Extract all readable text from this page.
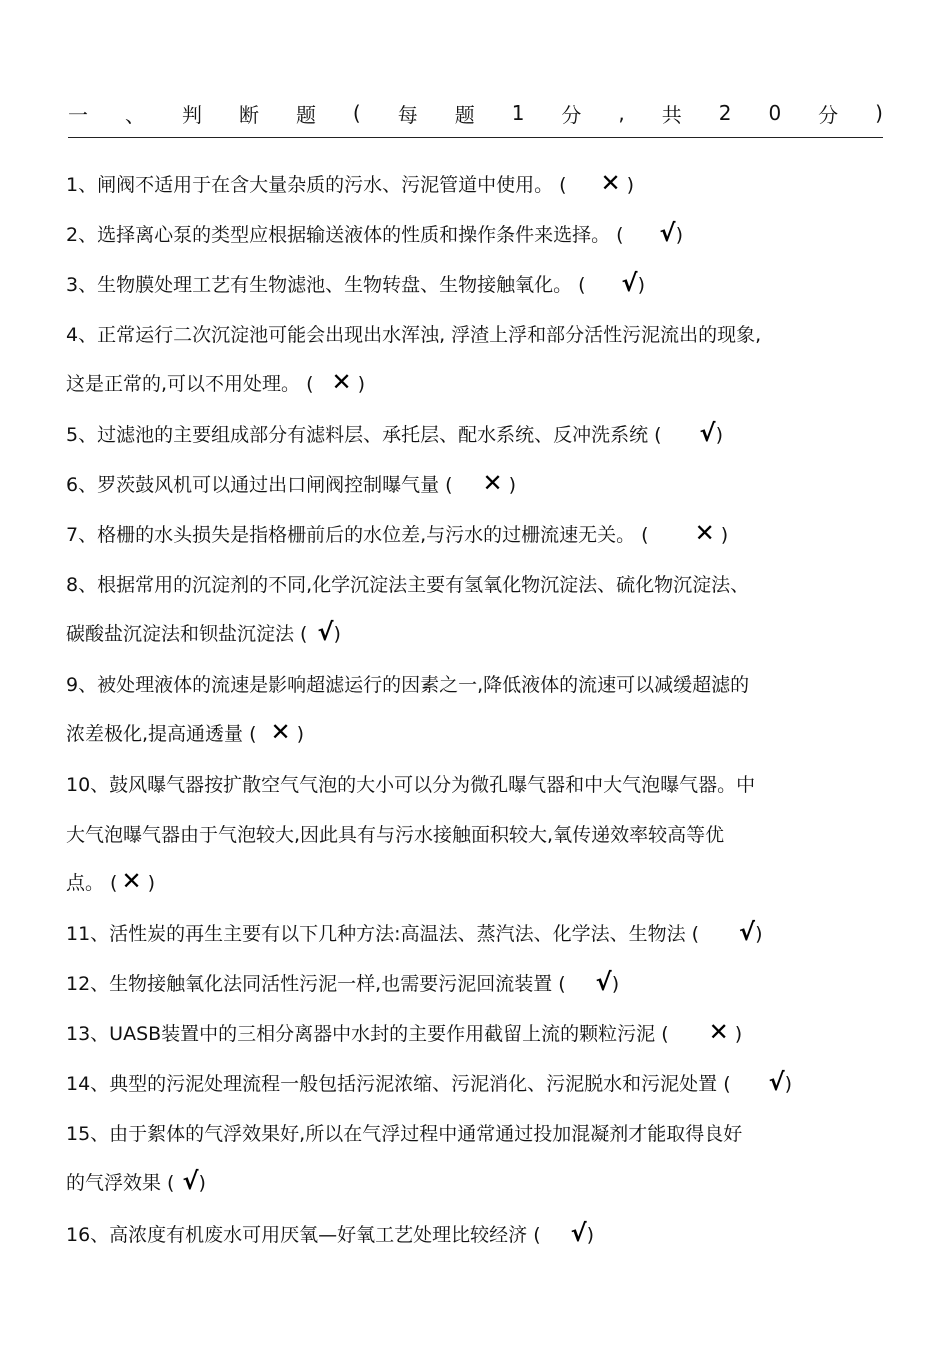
一 、 判 断 题 ( 每 题 1 分 , 共 2 0 分 )
1、闸阀不适用于在含大量杂质的污水、污泥管道中使用。 ( ✕ )
2、选择离心泵的类型应根据输送液体的性质和操作条件来选择。 ( √)
3、生物膜处理工艺有生物滤池、生物转盘、生物接触氧化。 ( √)
4、正常运行二次沉淀池可能会出现出水浑浊, 浮渣上浮和部分活性污泥流出的现象,
这是正常的,可以不用处理。 ( ✕ )
5、过滤池的主要组成部分有滤料层、承托层、配水系统、反冲洗系统 ( √)
6、罗茨鼓风机可以通过出口闸阀控制曝气量 ( ✕ )
7、格栅的水头损失是指格栅前后的水位差,与污水的过栅流速无关。 ( ✕ )
8、根据常用的沉淀剂的不同,化学沉淀法主要有氢氧化物沉淀法、硫化物沉淀法、
碳酸盐沉淀法和钡盐沉淀法 ( √)
9、被处理液体的流速是影响超滤运行的因素之一,降低液体的流速可以减缓超滤的
浓差极化,提高通透量 ( ✕ )
10、鼓风曝气器按扩散空气气泡的大小可以分为微孔曝气器和中大气泡曝气器。中
大气泡曝气器由于气泡较大,因此具有与污水接触面积较大,氧传递效率较高等优
点。 ( ✕ )
11、活性炭的再生主要有以下几种方法:高温法、蒸汽法、化学法、生物法 ( √)
12、生物接触氧化法同活性污泥一样,也需要污泥回流装置 ( √)
13、UASB装置中的三相分离器中水封的主要作用截留上流的颗粒污泥 ( ✕ )
14、典型的污泥处理流程一般包括污泥浓缩、污泥消化、污泥脱水和污泥处置 ( √)
15、由于絮体的气浮效果好,所以在气浮过程中通常通过投加混凝剂才能取得良好
的气浮效果 ( √)
16、高浓度有机废水可用厌氧—好氧工艺处理比较经济 ( √)
